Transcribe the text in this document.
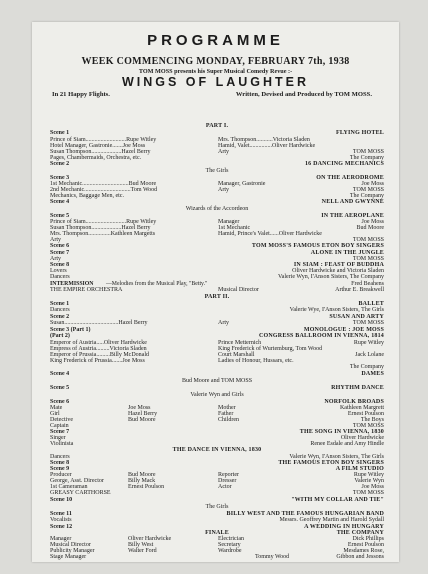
PROGRAMME
WEEK COMMENCING MONDAY, FEBRUARY 7th, 1938
TOM MOSS presents his Super Musical Comedy Revue :-
WINGS OF LAUGHTER
In 21 Happy Flights.	Written, Devised and Produced by TOM MOSS.
PART I.
Scene 1	FLYING HOTEL
Prince of Siam...........................Rupe Witley	Mrs. Thompson...........Victoria Sladen
Hotel Manager, Gastronie.......Joe Moss	Hamid, Valet...............Oliver Hardwicke
Susan Thompson....................Hazel Berry	Arty	TOM MOSS
Pages, Chambermaids, Orchestra, etc.	The Company
Scene 2	16 DANCING MECHANICS
The Girls
Scene 3	ON THE AERODROME
1st Mechanic...............................Bud Moore	Manager, Gastronie	Joe Moss
2nd Mechanic...............................Tom Wood	Arty	TOM MOSS
Mechanics, Baggage Men, etc.	The Company
Scene 4	NELL AND GWYNNE
Wizards of the Accordeon
Scene 5	IN THE AEROPLANE
Prince of Siam...........................Rupe Witley	Manager	Joe Moss
Susan Thompson....................Hazel Berry	1st Mechanic	Bud Moore
Mrs. Thompson...............Kathleen Margetts	Hamid, Prince's Valet......Oliver Hardwicke
Arty	TOM MOSS
Scene 6	TOM MOSS'S FAMOUS ETON BOY SINGERS
Scene 7	ALONE IN THE JUNGLE
Arty	TOM MOSS
Scene 8	IN SIAM : FEAST OF BUDDHA
Lovers	Oliver Hardwicke and Victoria Sladen
Dancers	Valerie Wyn, I'Anson Sisters, The Company
INTERMISSION —Melodies from the Musical Play, "Betty."	Fred Beahens
THE EMPIRE ORCHESTRA	Musical Director	Arthur E. Breakwell
PART II.
Scene 1	BALLET
Dancers	Valerie Wye, I'Anson Sisters, The Girls
Scene 2	SUSAN AND ARTY
Susan....................................Hazel Berry	Arty	TOM MOSS
Scene 3 (Part 1)	MONOLOGUE : JOE MOSS
(Part 2)	CONGRESS BALLROOM IN VIENNA, 1814
Emperor of Austria.....Oliver Hardwicke	Prince Metternich	Rupe Witley
Empress of Austria.........Victoria Sladen	King Frederick of Wurtemburg, Tom Wood
Emperor of Prussia.........Billy McDonald	Court Marshall	Jack Lolane
King Frederick of Prussia.......Joe Moss	Ladies of Honour, Hussars, etc.
The Company
Scene 4	DAMES
Bud Moore and TOM MOSS
Scene 5	RHYTHM DANCE
Valerie Wyn and Girls
Scene 6	NORFOLK BROADS
Mate	Joe Moss	Mother	Kathleen Margrett
Girl	Hazel Berry	Father	Ernest Poulson
Detective	Bud Moore	Children	The Boys
Captain	TOM MOSS
Scene 7	THE SONG IN VIENNA, 1830
Singer	Oliver Hardwicke
Violinista	Renee Esdale and Amy Hindle
THE DANCE IN VIENNA, 1830
Dancers	Valerie Wyn, I'Anson Sisters, The Girls
Scene 8	THE FAMOUS ETON BOY SINGERS
Scene 9	A FILM STUDIO
Producer	Bud Moore	Reporter	Rupe Witley
George, Asst. Director	Billy Mack	Dresser	Valerie Wyn
1st Cameraman	Ernest Poulson	Actor	Joe Moss
GREASY CARTHORSE	TOM MOSS
Scene 10	"WITH MY COLLAR AND TIE"
The Girls
Scene 11	BILLY WEST AND THE FAMOUS HUNGARIAN BAND
Vocalists	Messrs. Geoffrey Martin and Harold Sydall
Scene 12	A WEDDING IN HUNGARY
FINALE	THE COMPANY
Manager	Oliver Hardwicke	Electrician	Dick Phillips
Musical Director	Billy West	Secretary	Ernest Poulson
Publicity Manager	Walter Ford	Wardrobe	Mesdames Rose,
Stage Manager	Tommy Wood	Gibbon and Jessons
